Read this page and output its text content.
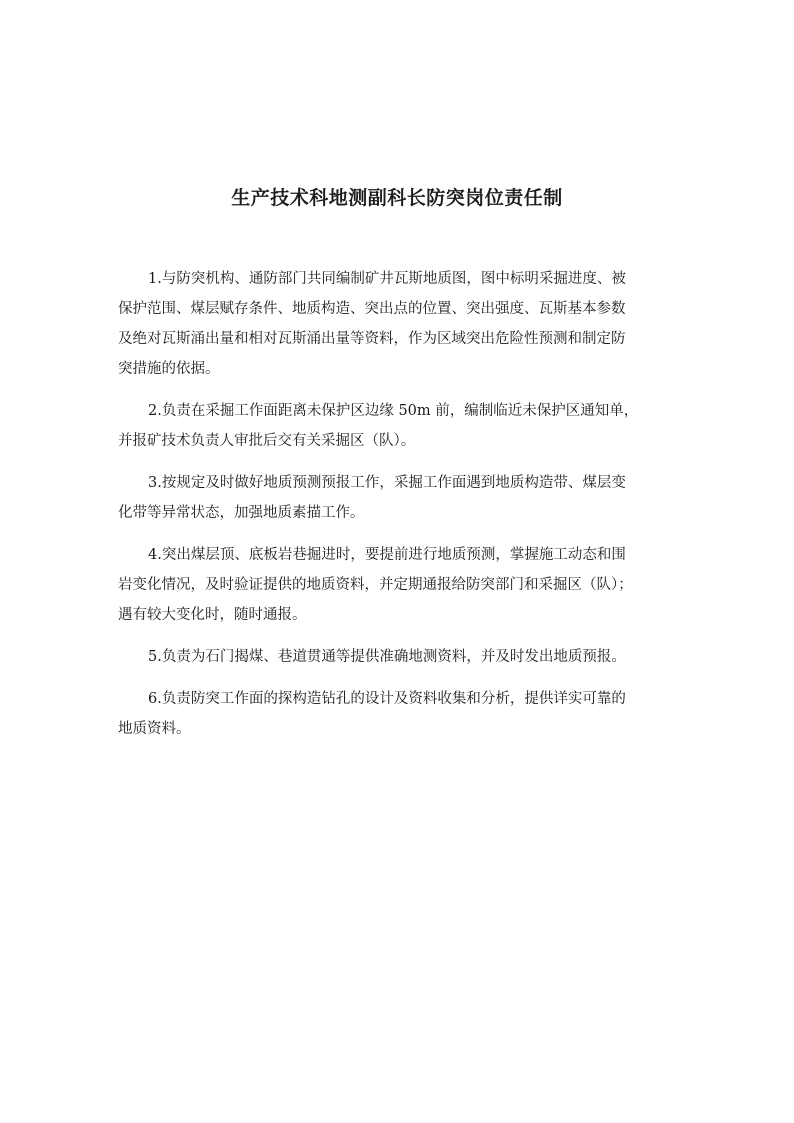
生产技术科地测副科长防突岗位责任制

1.与防突机构、通防部门共同编制矿井瓦斯地质图，图中标明采掘进度、被
保护范围、煤层赋存条件、地质构造、突出点的位置、突出强度、瓦斯基本参数
及绝对瓦斯涌出量和相对瓦斯涌出量等资料，作为区域突出危险性预测和制定防
突措施的依据。

2.负责在采掘工作面距离未保护区边缘 50m 前，编制临近未保护区通知单，
并报矿技术负责人审批后交有关采掘区（队）。

3.按规定及时做好地质预测预报工作，采掘工作面遇到地质构造带、煤层变
化带等异常状态，加强地质素描工作。

4.突出煤层顶、底板岩巷掘进时，要提前进行地质预测，掌握施工动态和围
岩变化情况，及时验证提供的地质资料，并定期通报给防突部门和采掘区（队）；
遇有较大变化时，随时通报。

5.负责为石门揭煤、巷道贯通等提供准确地测资料，并及时发出地质预报。

6.负责防突工作面的探构造钻孔的设计及资料收集和分析，提供详实可靠的
地质资料。
